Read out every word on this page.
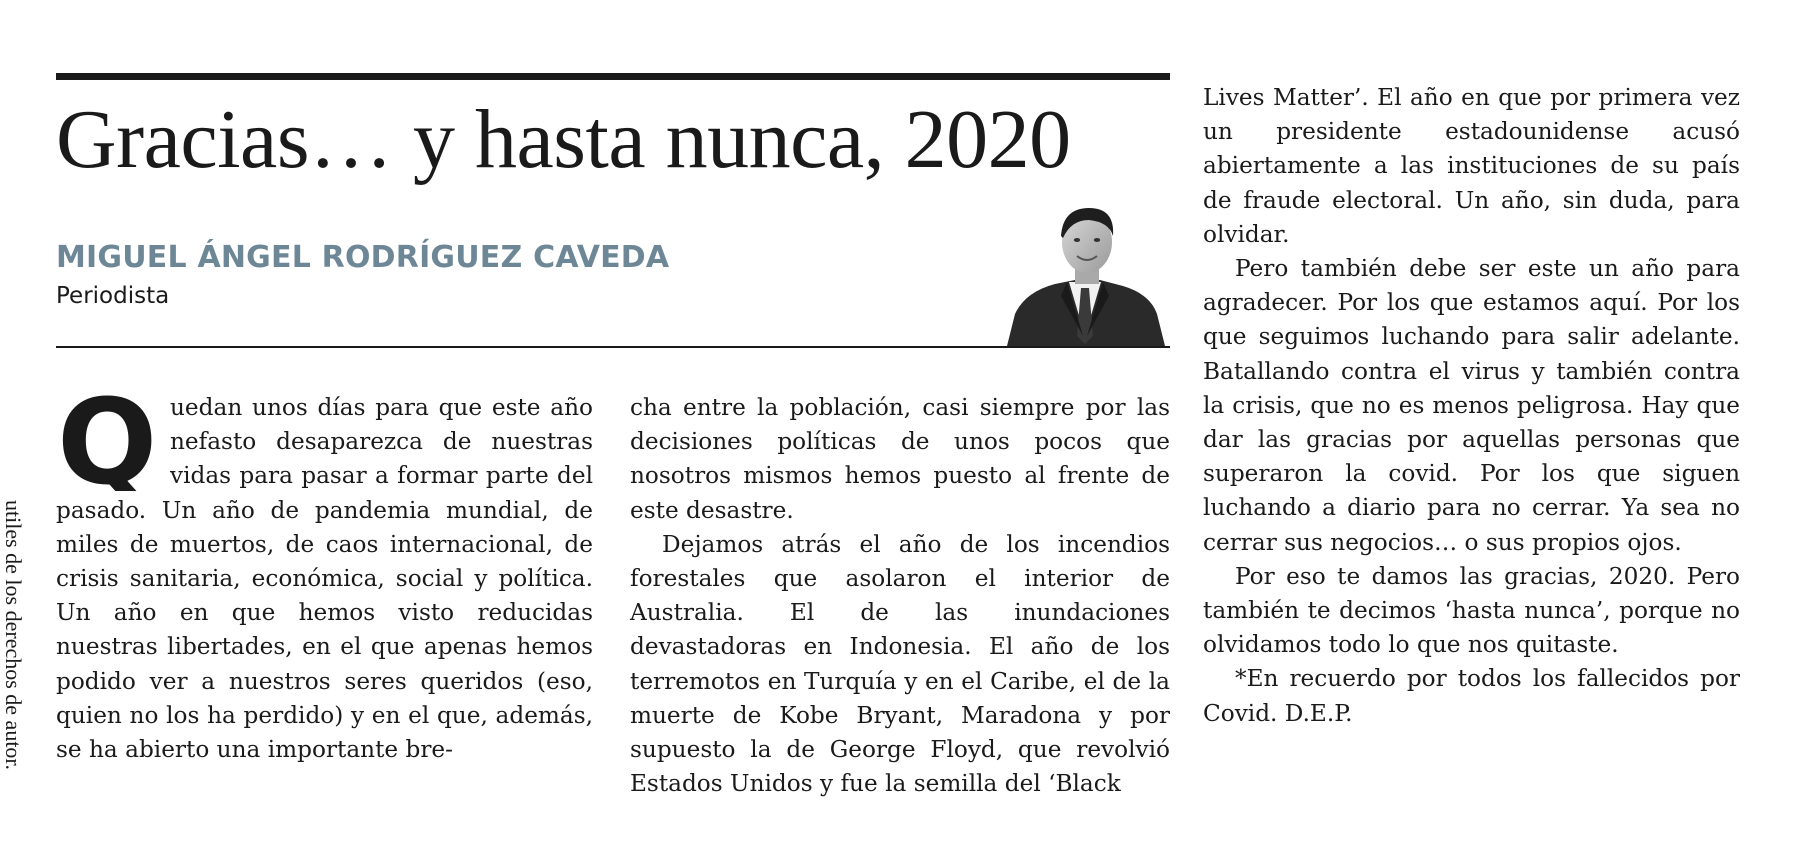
utiles de los derechos de autor.
Gracias… y hasta nunca, 2020
MIGUEL ÁNGEL RODRÍGUEZ CAVEDA
Periodista
Q uedan unos días para que este año nefasto desaparezca de nuestras vidas para pasar a formar parte del pasado. Un año de pandemia mundial, de miles de muertos, de caos internacional, de crisis sanitaria, económica, social y política. Un año en que hemos visto reducidas nuestras libertades, en el que apenas hemos podido ver a nuestros seres queridos (eso, quien no los ha perdido) y en el que, además, se ha abierto una importante bre-

cha entre la población, casi siempre por las decisiones políticas de unos pocos que nosotros mismos hemos puesto al frente de este desastre.

Dejamos atrás el año de los incendios forestales que asolaron el interior de Australia. El de las inundaciones devastadoras en Indonesia. El año de los terremotos en Turquía y en el Caribe, el de la muerte de Kobe Bryant, Maradona y por supuesto la de George Floyd, que revolvió Estados Unidos y fue la semilla del ‘Black

Lives Matter’. El año en que por primera vez un presidente estadounidense acusó abiertamente a las instituciones de su país de fraude electoral. Un año, sin duda, para olvidar.

Pero también debe ser este un año para agradecer. Por los que estamos aquí. Por los que seguimos luchando para salir adelante. Batallando contra el virus y también contra la crisis, que no es menos peligrosa. Hay que dar las gracias por aquellas personas que superaron la covid. Por los que siguen luchando a diario para no cerrar. Ya sea no cerrar sus negocios… o sus propios ojos.

Por eso te damos las gracias, 2020. Pero también te decimos ‘hasta nunca’, porque no olvidamos todo lo que nos quitaste.

*En recuerdo por todos los fallecidos por Covid. D.E.P.
